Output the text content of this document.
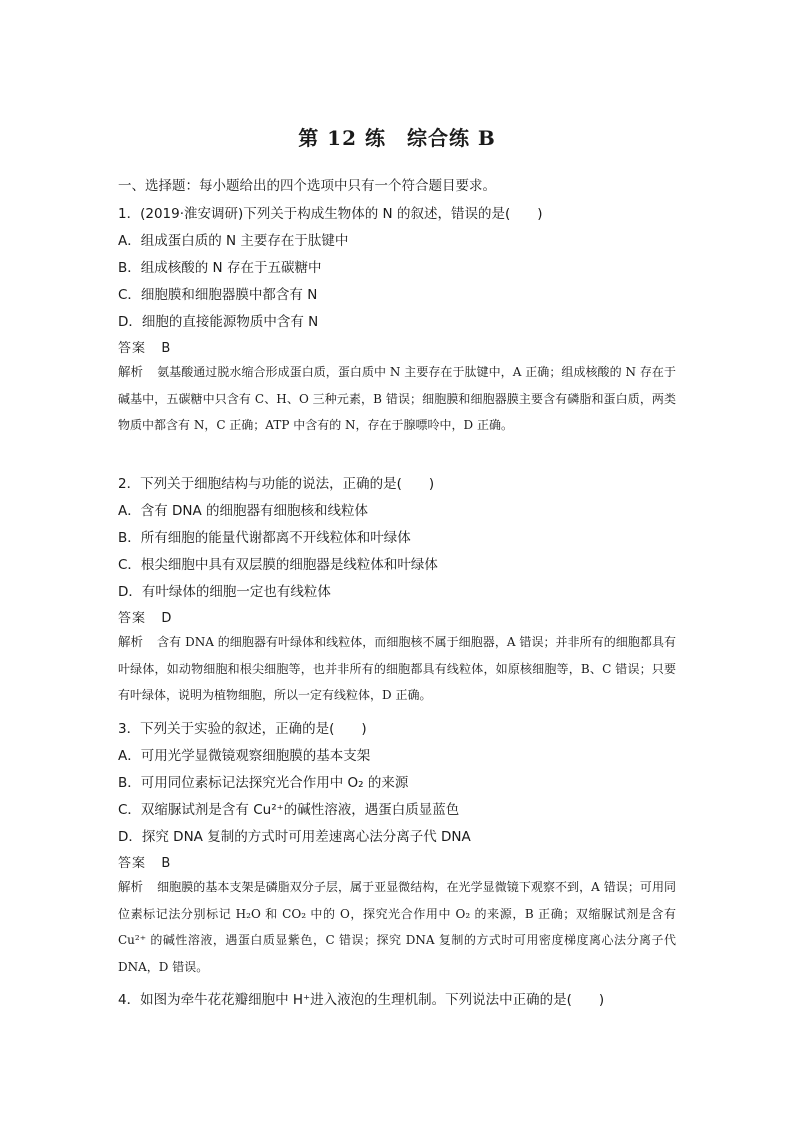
第 12 练　综合练 B
一、选择题：每小题给出的四个选项中只有一个符合题目要求。
1．(2019·淮安调研)下列关于构成生物体的 N 的叙述，错误的是(　　)
A．组成蛋白质的 N 主要存在于肽键中
B．组成核酸的 N 存在于五碳糖中
C．细胞膜和细胞器膜中都含有 N
D．细胞的直接能源物质中含有 N
答案 B
解析 氨基酸通过脱水缩合形成蛋白质，蛋白质中 N 主要存在于肽键中，A 正确；组成核酸的 N 存在于碱基中，五碳糖中只含有 C、H、O 三种元素，B 错误；细胞膜和细胞器膜主要含有磷脂和蛋白质，两类物质中都含有 N，C 正确；ATP 中含有的 N，存在于腺嘌呤中，D 正确。
2．下列关于细胞结构与功能的说法，正确的是(　　)
A．含有 DNA 的细胞器有细胞核和线粒体
B．所有细胞的能量代谢都离不开线粒体和叶绿体
C．根尖细胞中具有双层膜的细胞器是线粒体和叶绿体
D．有叶绿体的细胞一定也有线粒体
答案 D
解析 含有 DNA 的细胞器有叶绿体和线粒体，而细胞核不属于细胞器，A 错误；并非所有的细胞都具有叶绿体，如动物细胞和根尖细胞等，也并非所有的细胞都具有线粒体，如原核细胞等，B、C 错误；只要有叶绿体，说明为植物细胞，所以一定有线粒体，D 正确。
3．下列关于实验的叙述，正确的是(　　)
A．可用光学显微镜观察细胞膜的基本支架
B．可用同位素标记法探究光合作用中 O₂ 的来源
C．双缩脲试剂是含有 Cu²⁺的碱性溶液，遇蛋白质显蓝色
D．探究 DNA 复制的方式时可用差速离心法分离子代 DNA
答案 B
解析 细胞膜的基本支架是磷脂双分子层，属于亚显微结构，在光学显微镜下观察不到，A 错误；可用同位素标记法分别标记 H₂O 和 CO₂ 中的 O，探究光合作用中 O₂ 的来源，B 正确；双缩脲试剂是含有 Cu²⁺ 的碱性溶液，遇蛋白质显紫色，C 错误；探究 DNA 复制的方式时可用密度梯度离心法分离子代 DNA，D 错误。
4．如图为牵牛花花瓣细胞中 H⁺进入液泡的生理机制。下列说法中正确的是(　　)
